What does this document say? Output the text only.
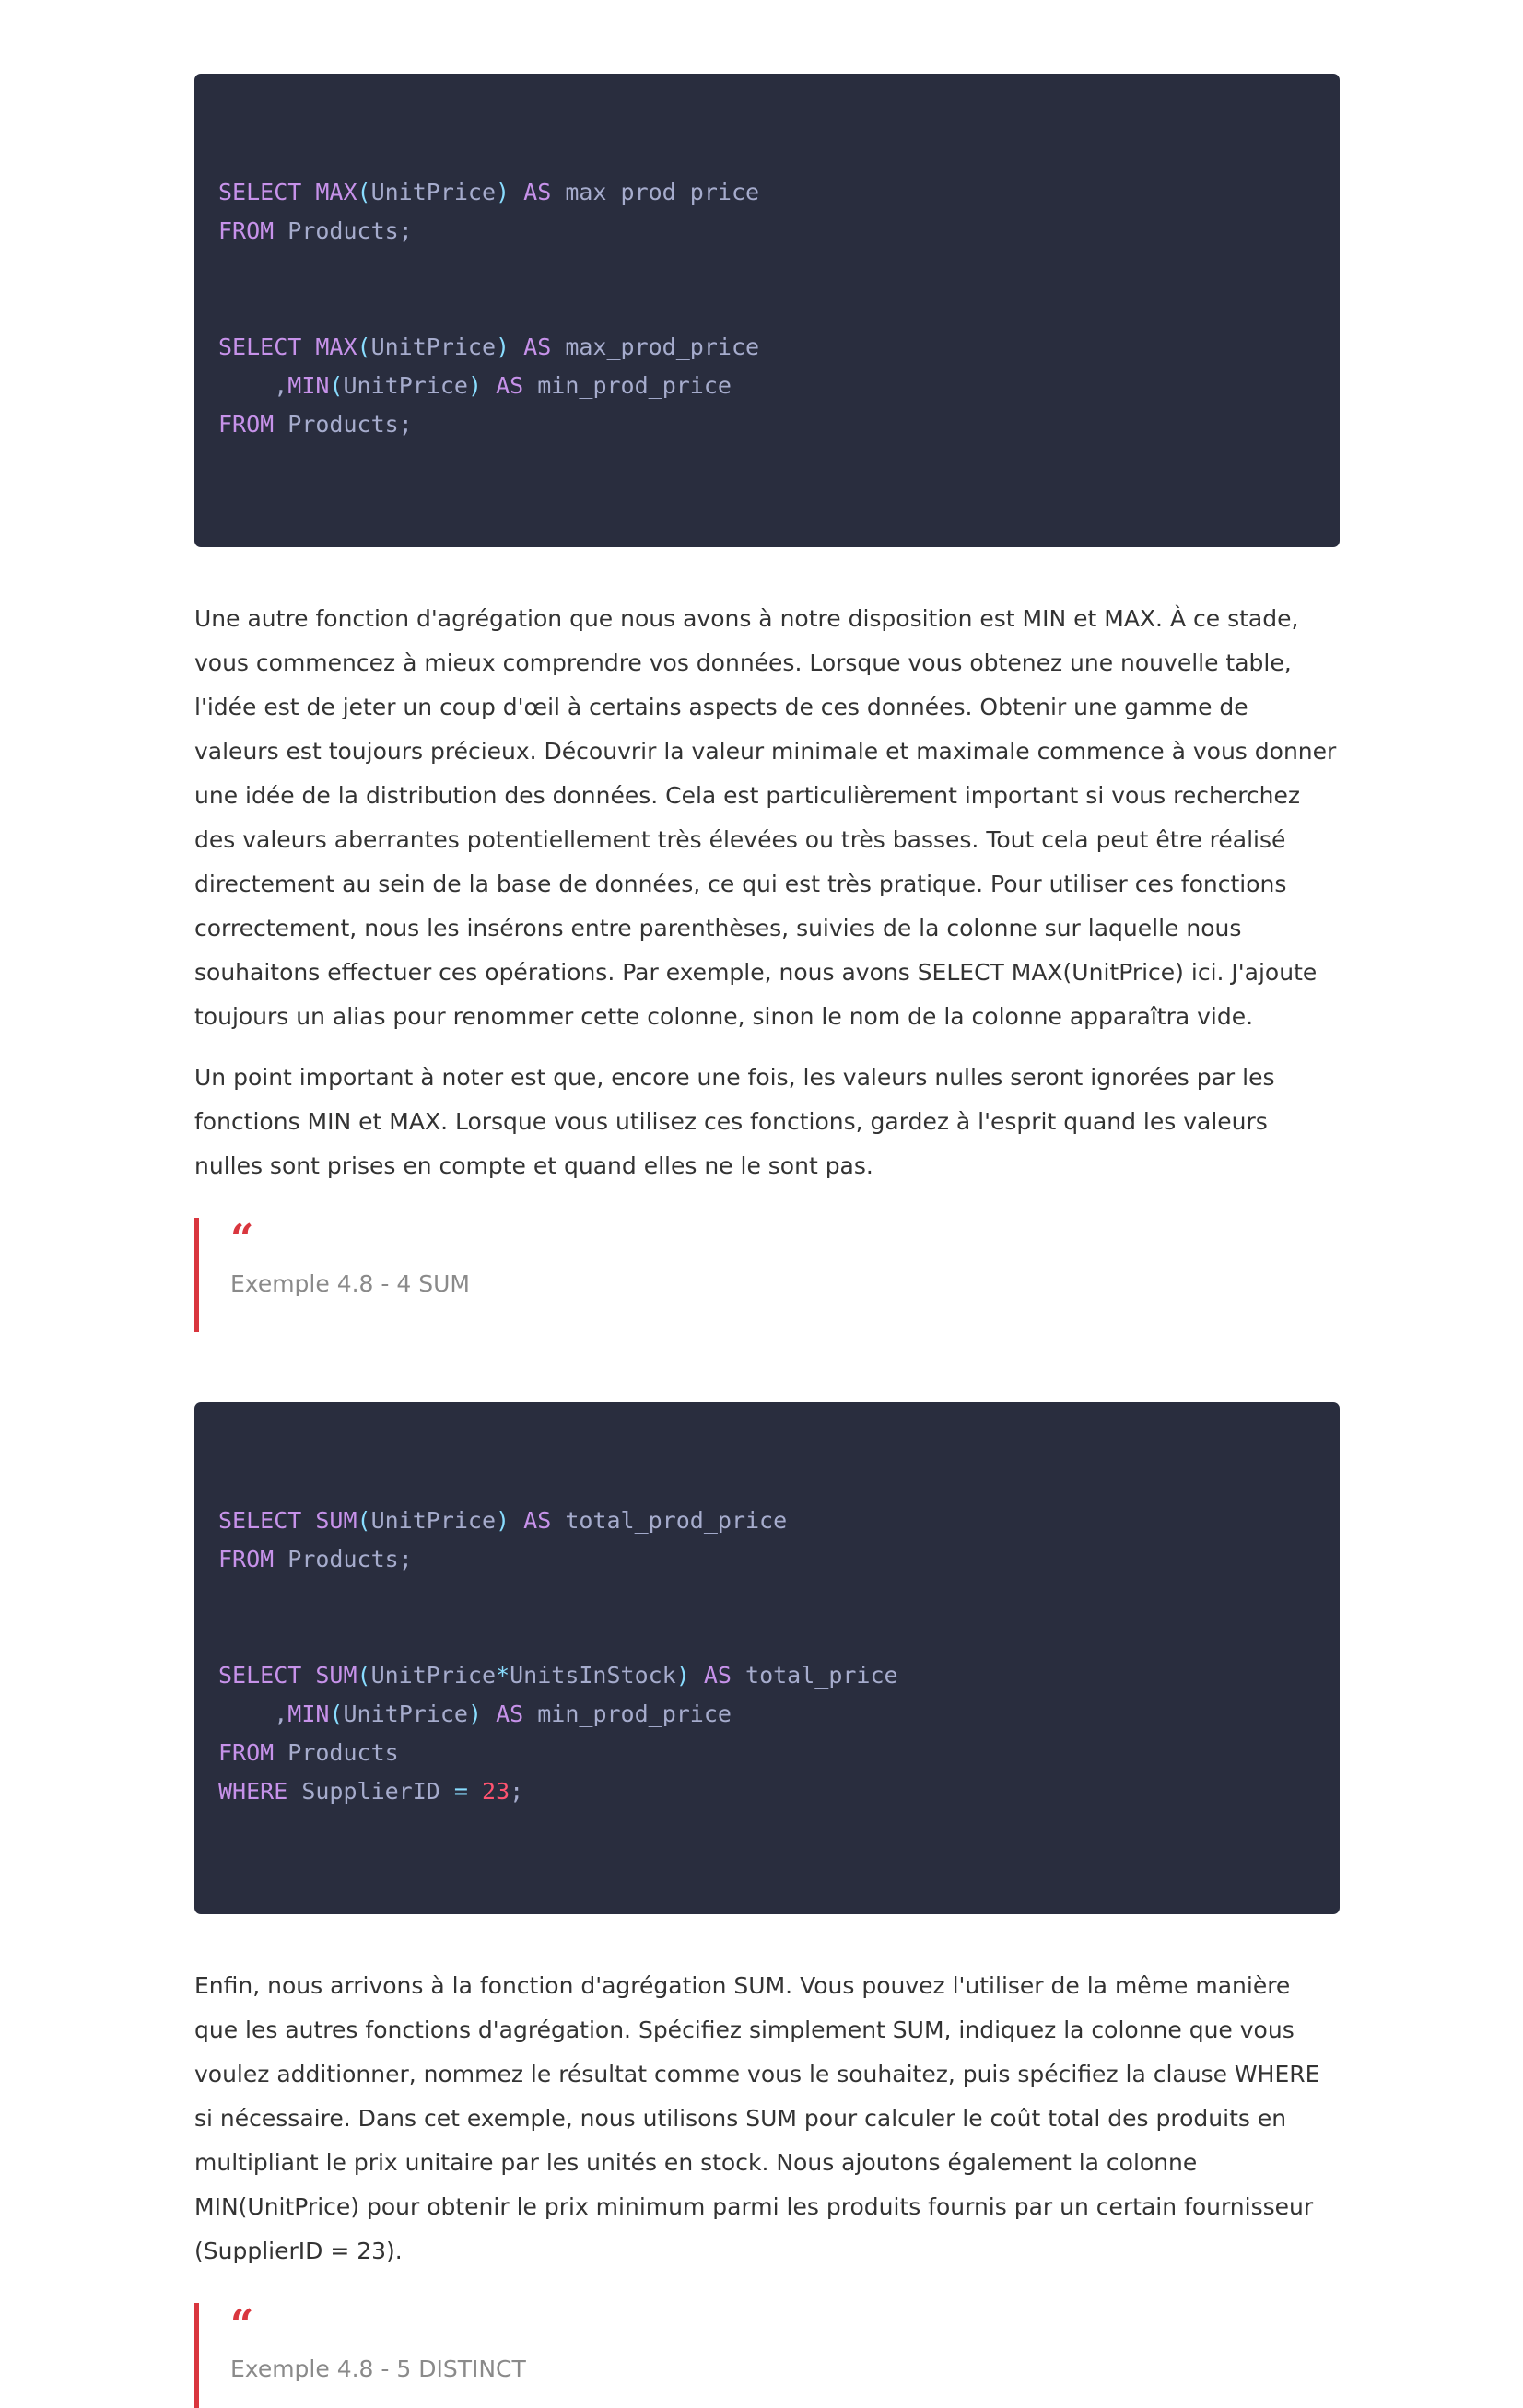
SELECT MAX(UnitPrice) AS max_prod_price
FROM Products;
SELECT MAX(UnitPrice) AS max_prod_price
,MIN(UnitPrice) AS min_prod_price
FROM Products;

Une autre fonction d'agrégation que nous avons à notre disposition est MIN et MAX. À ce stade, vous commencez à mieux comprendre vos données. Lorsque vous obtenez une nouvelle table, l'idée est de jeter un coup d'œil à certains aspects de ces données. Obtenir une gamme de valeurs est toujours précieux. Découvrir la valeur minimale et maximale commence à vous donner une idée de la distribution des données. Cela est particulièrement important si vous recherchez des valeurs aberrantes potentiellement très élevées ou très basses. Tout cela peut être réalisé directement au sein de la base de données, ce qui est très pratique. Pour utiliser ces fonctions correctement, nous les insérons entre parenthèses, suivies de la colonne sur laquelle nous souhaitons effectuer ces opérations. Par exemple, nous avons SELECT MAX(UnitPrice) ici. J'ajoute toujours un alias pour renommer cette colonne, sinon le nom de la colonne apparaîtra vide.

Un point important à noter est que, encore une fois, les valeurs nulles seront ignorées par les fonctions MIN et MAX. Lorsque vous utilisez ces fonctions, gardez à l'esprit quand les valeurs nulles sont prises en compte et quand elles ne le sont pas.

“
Exemple 4.8 - 4 SUM

SELECT SUM(UnitPrice) AS total_prod_price
FROM Products;
SELECT SUM(UnitPrice*UnitsInStock) AS total_price
,MIN(UnitPrice) AS min_prod_price
FROM Products
WHERE SupplierID = 23;

Enfin, nous arrivons à la fonction d'agrégation SUM. Vous pouvez l'utiliser de la même manière que les autres fonctions d'agrégation. Spécifiez simplement SUM, indiquez la colonne que vous voulez additionner, nommez le résultat comme vous le souhaitez, puis spécifiez la clause WHERE si nécessaire. Dans cet exemple, nous utilisons SUM pour calculer le coût total des produits en multipliant le prix unitaire par les unités en stock. Nous ajoutons également la colonne MIN(UnitPrice) pour obtenir le prix minimum parmi les produits fournis par un certain fournisseur (SupplierID = 23).

“
Exemple 4.8 - 5 DISTINCT
